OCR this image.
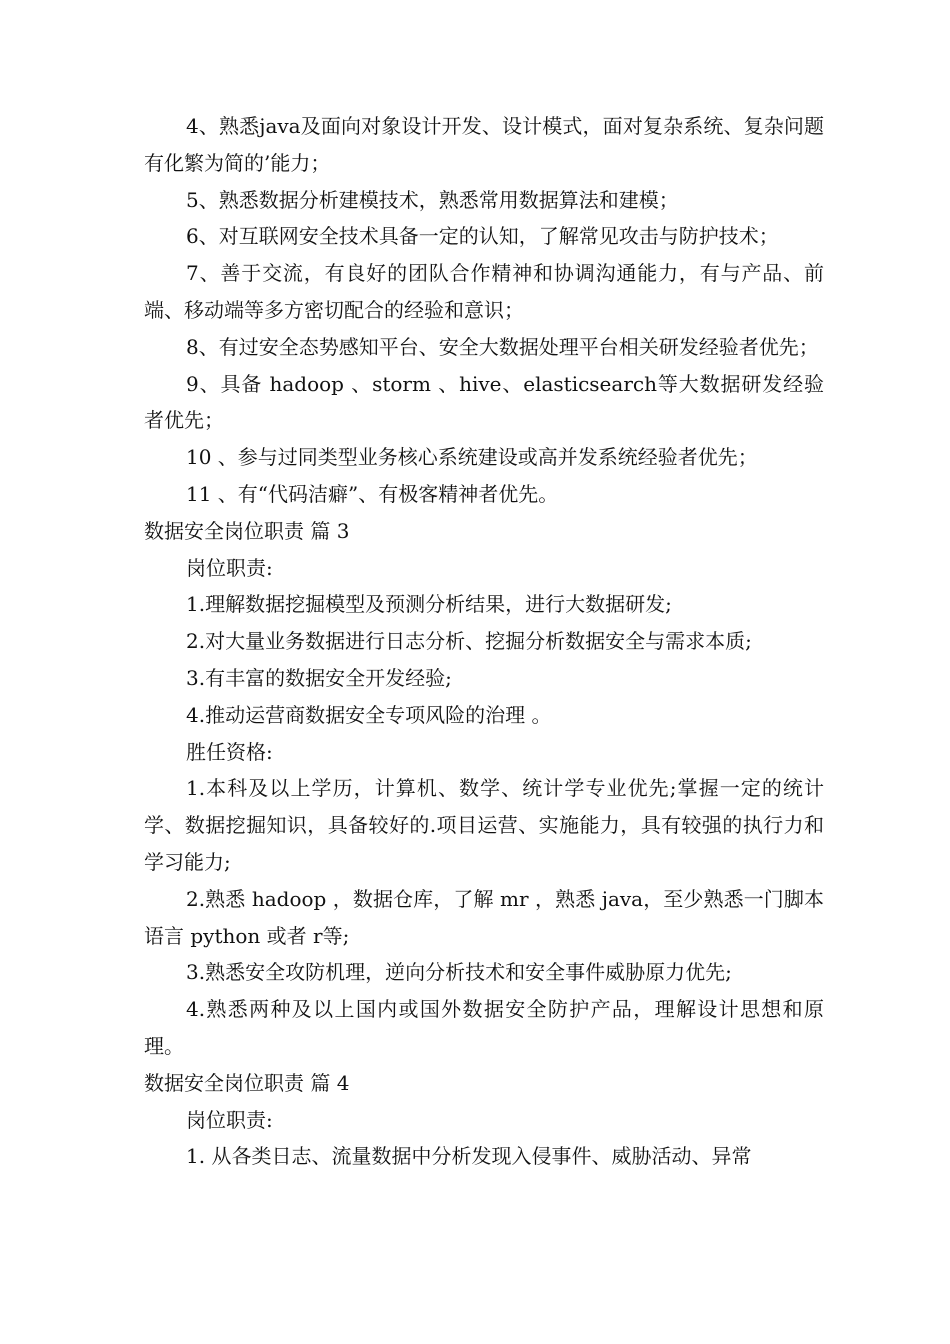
4、熟悉java及面向对象设计开发、设计模式，面对复杂系统、复杂问题有化繁为简的’能力；

5、熟悉数据分析建模技术，熟悉常用数据算法和建模；

6、对互联网安全技术具备一定的认知，了解常见攻击与防护技术；

7、善于交流，有良好的团队合作精神和协调沟通能力，有与产品、前端、移动端等多方密切配合的经验和意识；

8、有过安全态势感知平台、安全大数据处理平台相关研发经验者优先；

9、具备 hadoop 、storm 、hive、elasticsearch等大数据研发经验者优先；

10 、参与过同类型业务核心系统建设或高并发系统经验者优先；

11 、有“代码洁癖”、有极客精神者优先。

数据安全岗位职责 篇 3

岗位职责:

1.理解数据挖掘模型及预测分析结果，进行大数据研发;

2.对大量业务数据进行日志分析、挖掘分析数据安全与需求本质;

3.有丰富的数据安全开发经验;

4.推动运营商数据安全专项风险的治理 。

胜任资格:

1.本科及以上学历，计算机、数学、统计学专业优先;掌握一定的统计学、数据挖掘知识，具备较好的.项目运营、实施能力，具有较强的执行力和学习能力;

2.熟悉 hadoop ，数据仓库，了解 mr ，熟悉 java，至少熟悉一门脚本语言 python 或者 r等;

3.熟悉安全攻防机理，逆向分析技术和安全事件威胁原力优先;

4.熟悉两种及以上国内或国外数据安全防护产品，理解设计思想和原理。

数据安全岗位职责 篇 4

岗位职责:

1. 从各类日志、流量数据中分析发现入侵事件、威胁活动、异常
